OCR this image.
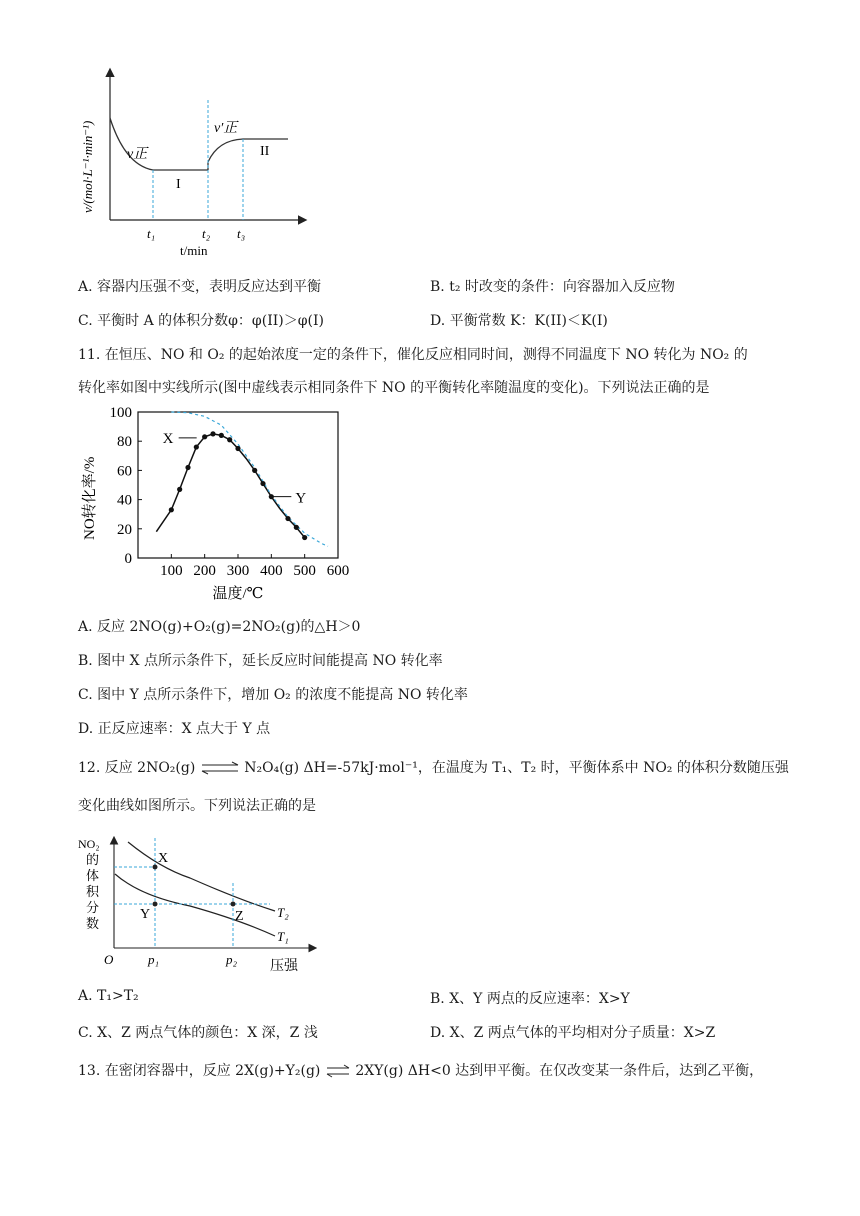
v/(mol·L⁻¹·min⁻¹) v正
v′正
I
II
t₁	t₂ t₃
t/min
A. 容器内压强不变，表明反应达到平衡	B. t₂ 时改变的条件：向容器加入反应物
C. 平衡时 A 的体积分数φ：φ(II)＞φ(I)	D. 平衡常数 K：K(II)＜K(I)
11. 在恒压、NO 和 O₂ 的起始浓度一定的条件下，催化反应相同时间，测得不同温度下 NO 转化为 NO₂ 的
转化率如图中实线所示(图中虚线表示相同条件下 NO 的平衡转化率随温度的变化)。下列说法正确的是
100 200 300 400 500 600
0
20
40
60
80
100
X
Y
NO转化率/%
温度/℃
A. 反应 2NO(g)+O₂(g)=2NO₂(g)的△H＞0
B. 图中 X 点所示条件下，延长反应时间能提高 NO 转化率
C. 图中 Y 点所示条件下，增加 O₂ 的浓度不能提高 NO 转化率
D. 正反应速率：X 点大于 Y 点
12. 反应 2NO₂(g) ⇌ N₂O₄(g) ΔH=-57kJ·mol⁻¹，在温度为 T₁、T₂ 时，平衡体系中 NO₂ 的体积分数随压强
变化曲线如图所示。下列说法正确的是
X
Y	Z	T₂
T₁
NO₂
的
体
积
分
数
O	p₁	p₂ 压强
A. T₁>T₂	B. X、Y 两点的反应速率：X>Y
C. X、Z 两点气体的颜色：X 深，Z 浅	D. X、Z 两点气体的平均相对分子质量：X>Z
13. 在密闭容器中，反应 2X(g)+Y₂(g) ⇌ 2XY(g) ΔH<0 达到甲平衡。在仅改变某一条件后，达到乙平衡，
